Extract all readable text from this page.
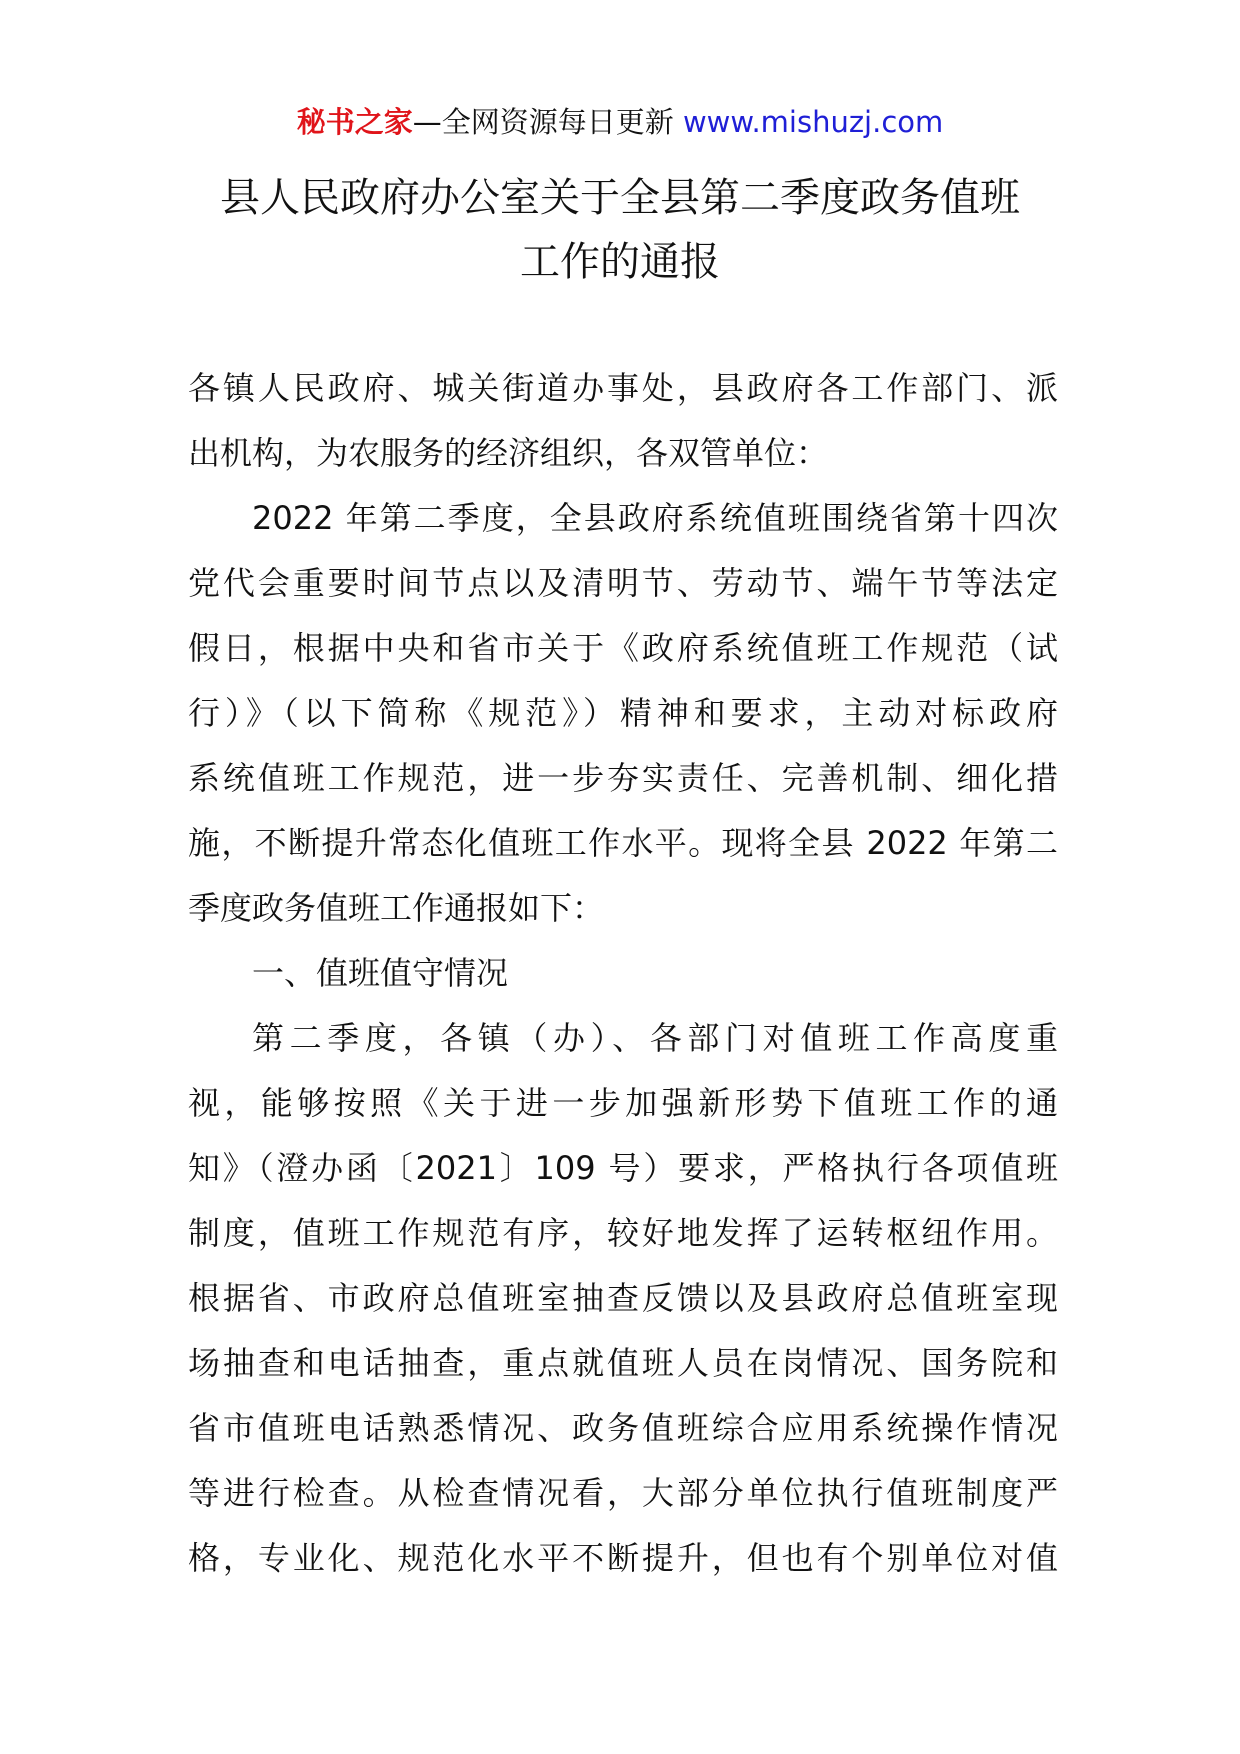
秘书之家—全网资源每日更新 www.mishuzj.com
县人民政府办公室关于全县第二季度政务值班
工作的通报
各镇人民政府、城关街道办事处，县政府各工作部门、派
出机构，为农服务的经济组织，各双管单位：
2022 年第二季度，全县政府系统值班围绕省第十四次
党代会重要时间节点以及清明节、劳动节、端午节等法定
假日，根据中央和省市关于《政府系统值班工作规范（试
行）》（以下简称《规范》）精神和要求，主动对标政府
系统值班工作规范，进一步夯实责任、完善机制、细化措
施，不断提升常态化值班工作水平。现将全县 2022 年第二
季度政务值班工作通报如下：
一、值班值守情况
第二季度，各镇（办）、各部门对值班工作高度重
视，能够按照《关于进一步加强新形势下值班工作的通
知》（澄办函〔2021〕109 号）要求，严格执行各项值班
制度，值班工作规范有序，较好地发挥了运转枢纽作用。
根据省、市政府总值班室抽查反馈以及县政府总值班室现
场抽查和电话抽查，重点就值班人员在岗情况、国务院和
省市值班电话熟悉情况、政务值班综合应用系统操作情况
等进行检查。从检查情况看，大部分单位执行值班制度严
格，专业化、规范化水平不断提升，但也有个别单位对值
